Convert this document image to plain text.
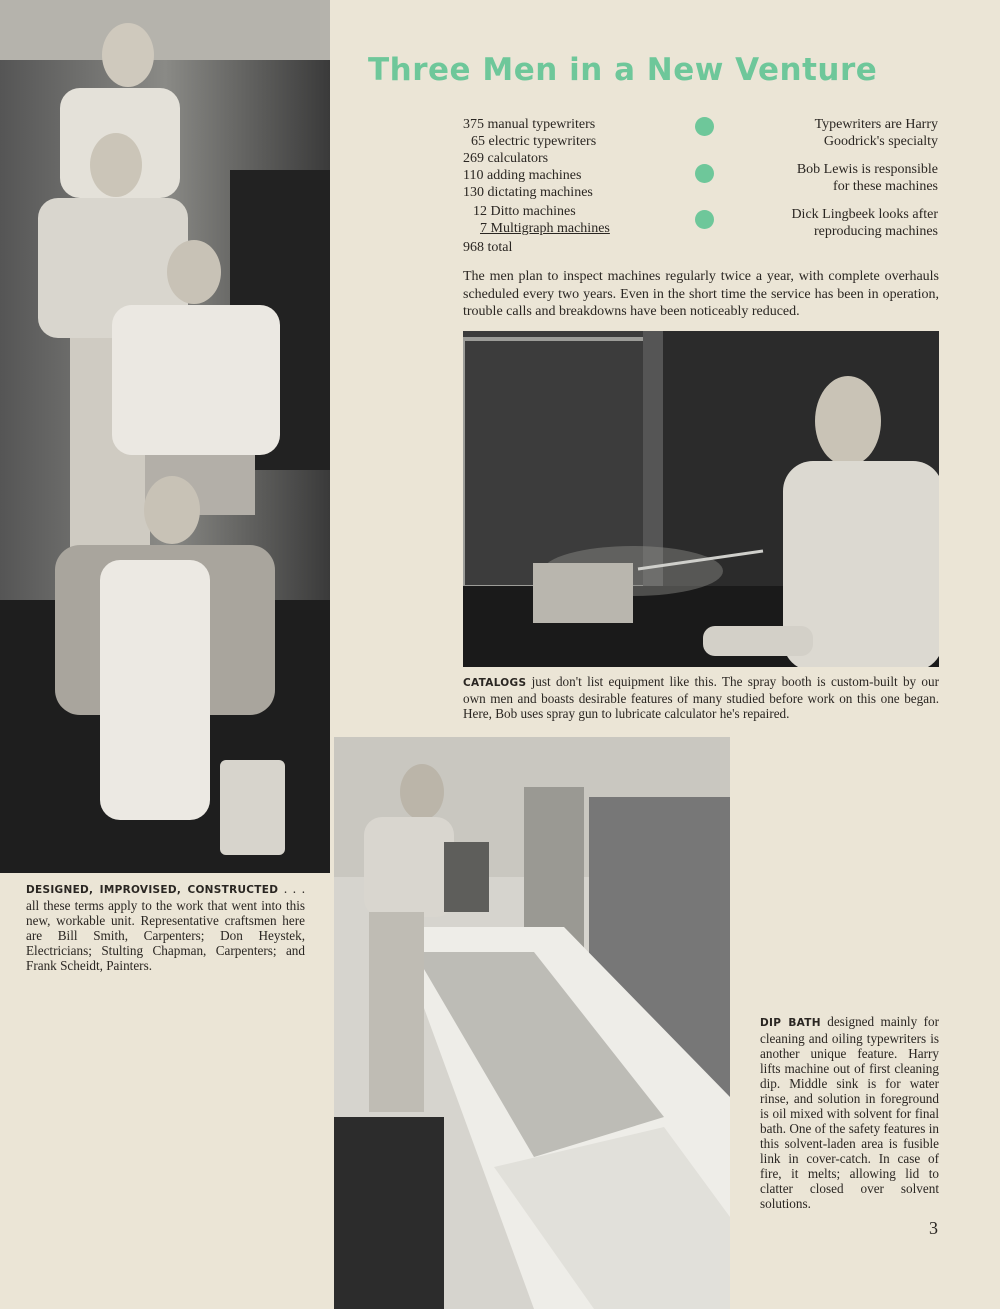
Three Men in a New Venture
375 manual typewriters
65 electric typewriters
269 calculators
110 adding machines
130 dictating machines
12 Ditto machines
7 Multigraph machines
968 total
Typewriters are Harry
Goodrick's specialty
Bob Lewis is responsible
for these machines
Dick Lingbeek looks after
reproducing machines
The men plan to inspect machines regularly twice a year, with complete overhauls scheduled every two years. Even in the short time the service has been in operation, trouble calls and breakdowns have been noticeably reduced.
CATALOGS just don't list equipment like this. The spray booth is custom-built by our own men and boasts desirable features of many studied before work on this one began. Here, Bob uses spray gun to lubricate calculator he's repaired.
DESIGNED, IMPROVISED, CONSTRUCTED . . . all these terms apply to the work that went into this new, workable unit. Representative craftsmen here are Bill Smith, Carpenters; Don Heystek, Electricians; Stulting Chapman, Carpenters; and Frank Scheidt, Painters.
DIP BATH designed mainly for cleaning and oiling typewriters is another unique feature. Harry lifts machine out of first cleaning dip. Middle sink is for water rinse, and solution in foreground is oil mixed with solvent for final bath. One of the safety features in this solvent-laden area is fusible link in cover-catch. In case of fire, it melts; allowing lid to clatter closed over solvent solutions.
3
